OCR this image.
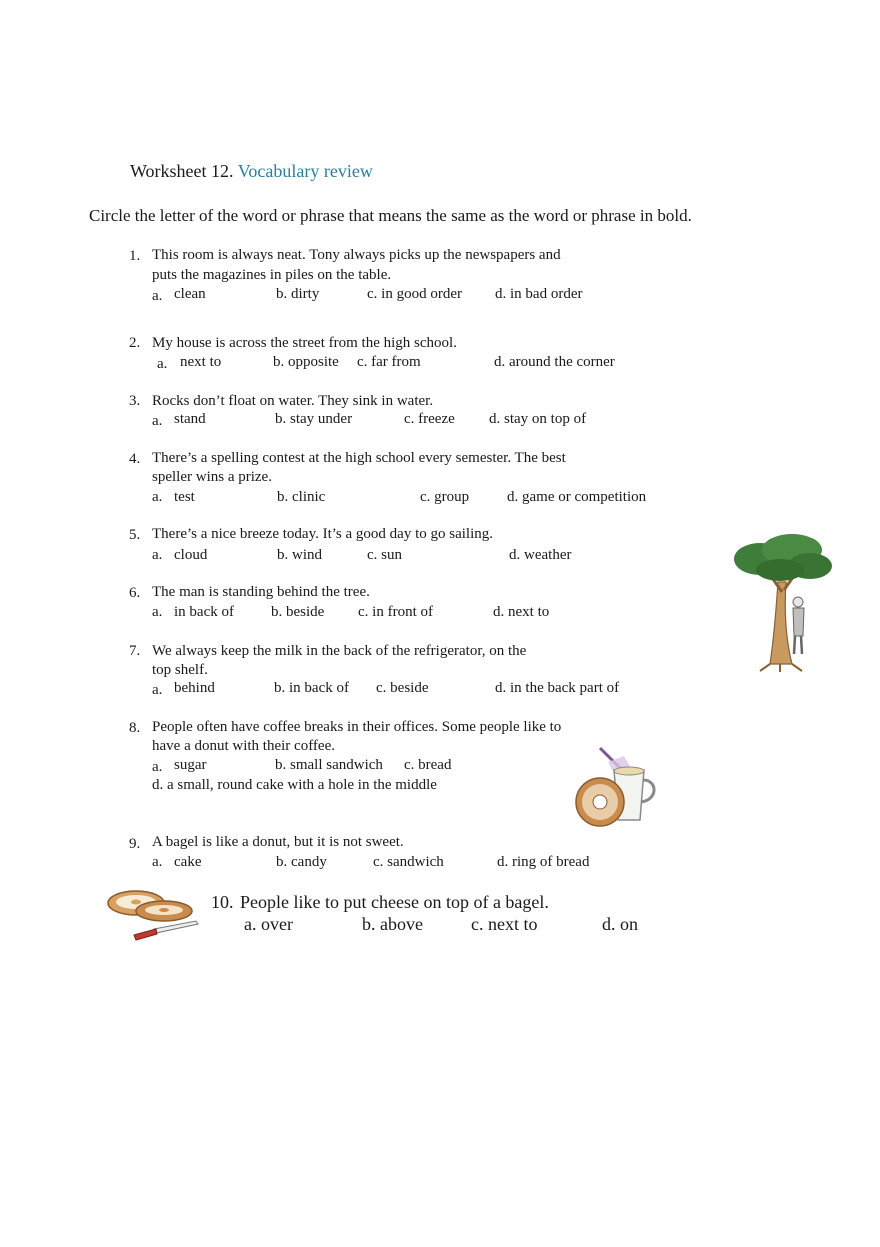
Worksheet 12. Vocabulary review
Circle the letter of the word or phrase that means the same as the word or phrase in bold.
1. This room is always neat. Tony always picks up the newspapers and
puts the magazines in piles on the table.
a. clean	b. dirty	c. in good order d. in bad order
2. My house is across the street from the high school.
a. next to	b. opposite c. far from	d. around the corner
3. Rocks don’t float on water. They sink in water.
a. stand	b. stay under	c. freeze d. stay on top of
4. There’s a spelling contest at the high school every semester. The best
speller wins a prize.
a. test	b. clinic	c. group	d. game or competition
5. There’s a nice breeze today. It’s a good day to go sailing.
a. cloud	b. wind	c. sun	d. weather
6. The man is standing behind the tree.
a. in back of b. beside c. in front of	d. next to
7. We always keep the milk in the back of the refrigerator, on the
top shelf.
a. behind	b. in back of c. beside	d. in the back part of
8. People often have coffee breaks in their offices. Some people like to
have a donut with their coffee.
a. sugar	b. small sandwich c. bread
d. a small, round cake with a hole in the middle
9. A bagel is like a donut, but it is not sweet.
a. cake	b. candy	c. sandwich	d. ring of bread
10. People like to put cheese on top of a bagel.
a. over	b. above	c. next to	d. on
